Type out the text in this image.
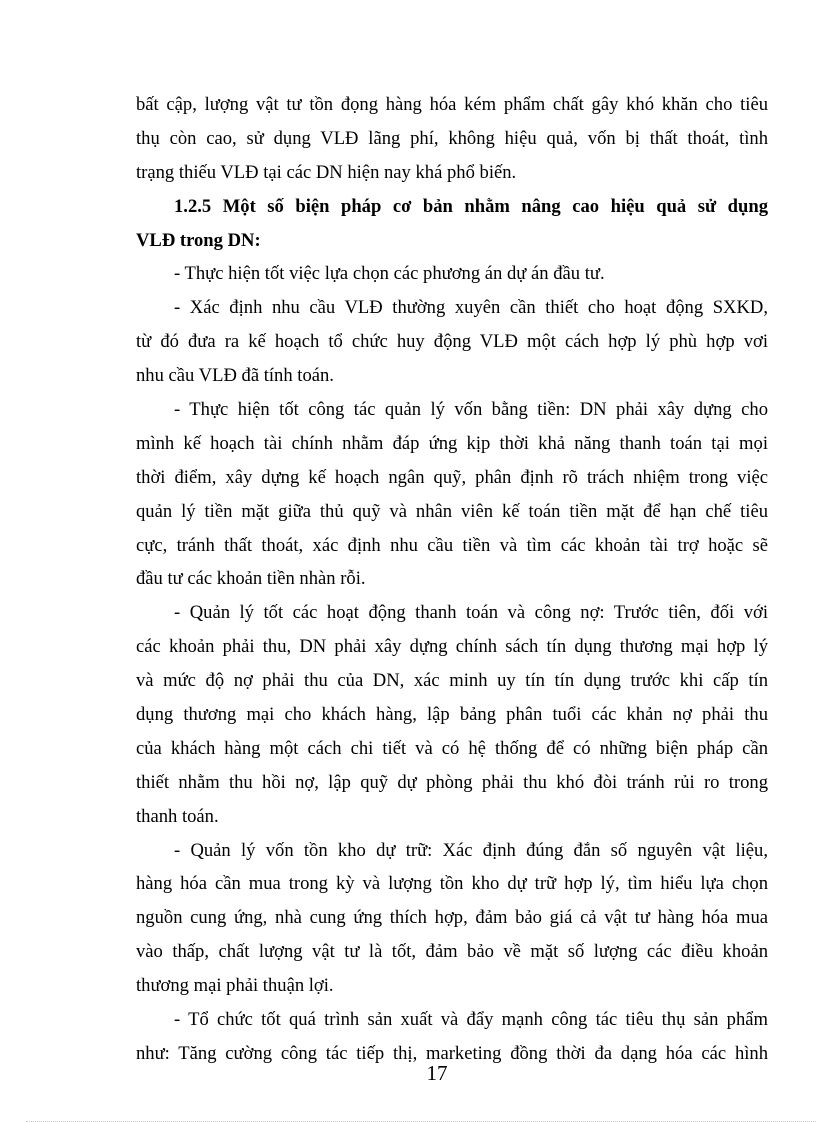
bất cập, lượng vật tư tồn đọng hàng hóa kém phẩm chất gây khó khăn cho tiêu
thụ còn cao, sử dụng VLĐ lãng phí, không hiệu quả, vốn bị thất thoát, tình
trạng thiếu VLĐ tại các DN hiện nay khá phổ biến.
1.2.5 Một số biện pháp cơ bản nhằm nâng cao hiệu quả sử dụng
VLĐ trong DN:
- Thực hiện tốt việc lựa chọn các phương án dự án đầu tư.
- Xác định nhu cầu VLĐ thường xuyên cần thiết cho hoạt động SXKD,
từ đó đưa ra kế hoạch tổ chức huy động VLĐ một cách hợp lý phù hợp vơi
nhu cầu VLĐ đã tính toán.
- Thực hiện tốt công tác quản lý vốn bằng tiền: DN phải xây dựng cho
mình kế hoạch tài chính nhằm đáp ứng kịp thời khả năng thanh toán tại mọi
thời điểm, xây dựng kế hoạch ngân quỹ, phân định rõ trách nhiệm trong việc
quản lý tiền mặt giữa thủ quỹ và nhân viên kế toán tiền mặt để hạn chế tiêu
cực, tránh thất thoát, xác định nhu cầu tiền và tìm các khoản tài trợ hoặc sẽ
đầu tư các khoản tiền nhàn rỗi.
- Quản lý tốt các hoạt động thanh toán và công nợ: Trước tiên, đối với
các khoản phải thu, DN phải xây dựng chính sách tín dụng thương mại hợp lý
và mức độ nợ phải thu của DN, xác minh uy tín tín dụng trước khi cấp tín
dụng thương mại cho khách hàng, lập bảng phân tuổi các khản nợ phải thu
của khách hàng một cách chi tiết và có hệ thống để có những biện pháp cần
thiết nhằm thu hồi nợ, lập quỹ dự phòng phải thu khó đòi tránh rủi ro trong
thanh toán.
- Quản lý vốn tồn kho dự trữ: Xác định đúng đắn số nguyên vật liệu,
hàng hóa cần mua trong kỳ và lượng tồn kho dự trữ hợp lý, tìm hiểu lựa chọn
nguồn cung ứng, nhà cung ứng thích hợp, đảm bảo giá cả vật tư hàng hóa mua
vào thấp, chất lượng vật tư là tốt, đảm bảo về mặt số lượng các điều khoản
thương mại phải thuận lợi.
- Tổ chức tốt quá trình sản xuất và đẩy mạnh công tác tiêu thụ sản phẩm
như: Tăng cường công tác tiếp thị, marketing đồng thời đa dạng hóa các hình
17
